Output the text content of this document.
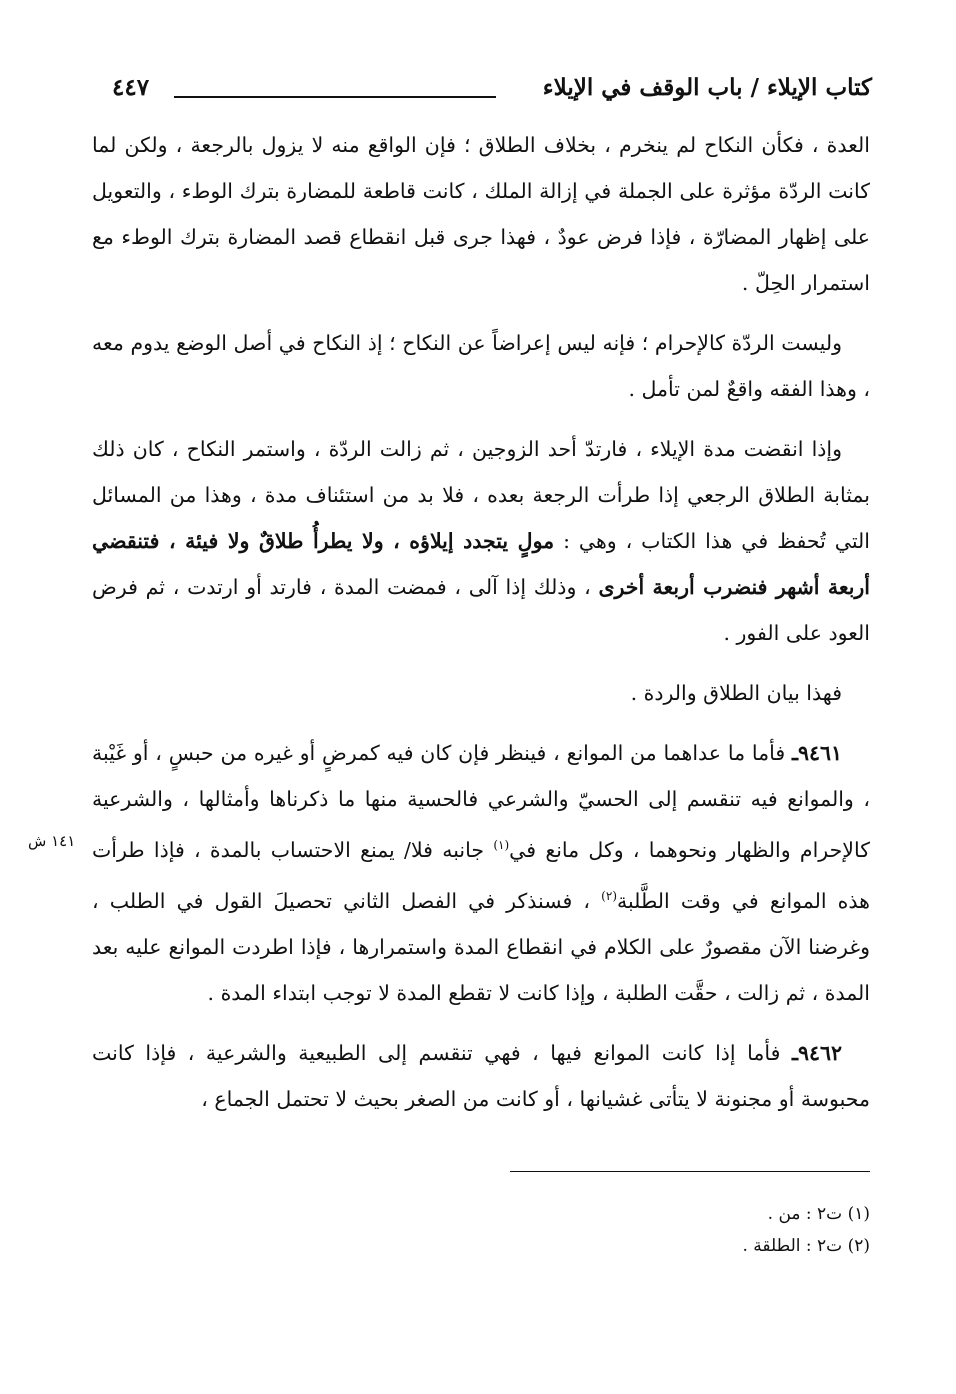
كتاب الإيلاء / باب الوقف في الإيلاء
٤٤٧

العدة ، فكأن النكاح لم ينخرم ، بخلاف الطلاق ؛ فإن الواقع منه لا يزول بالرجعة ، ولكن لما كانت الردّة مؤثرة على الجملة في إزالة الملك ، كانت قاطعة للمضارة بترك الوطء ، والتعويل على إظهار المضارّة ، فإذا فرض عودٌ ، فهذا جرى قبل انقطاع قصد المضارة بترك الوطء مع استمرار الحِلّ .

وليست الردّة كالإحرام ؛ فإنه ليس إعراضاً عن النكاح ؛ إذ النكاح في أصل الوضع يدوم معه ، وهذا الفقه واقعٌ لمن تأمل .

وإذا انقضت مدة الإيلاء ، فارتدّ أحد الزوجين ، ثم زالت الردّة ، واستمر النكاح ، كان ذلك بمثابة الطلاق الرجعي إذا طرأت الرجعة بعده ، فلا بد من استئناف مدة ، وهذا من المسائل التي تُحفظ في هذا الكتاب ، وهي : مولٍ يتجدد إيلاؤه ، ولا يطرأُ طلاقٌ ولا فيئة ، فتنقضي أربعة أشهر فنضرب أربعة أخرى ، وذلك إذا آلى ، فمضت المدة ، فارتد أو ارتدت ، ثم فرض العود على الفور .

فهذا بيان الطلاق والردة .

٩٤٦١ـ فأما ما عداهما من الموانع ، فينظر فإن كان فيه كمرضٍ أو غيره من حبسٍ ، أو غَيْبة ، والموانع فيه تنقسم إلى الحسيّ والشرعي فالحسية منها ما ذكرناها وأمثالها ، والشرعية كالإحرام والظهار ونحوهما ، وكل مانع في$^{(١)}$ جانبه فلا/ يمنع الاحتساب بالمدة ، فإذا طرأت هذه الموانع في وقت الطَّلبة$^{(٢)}$ ، فسنذكر في الفصل الثاني تحصيلَ القول في الطلب ، وغرضنا الآن مقصورٌ على الكلام في انقطاع المدة واستمرارها ، فإذا اطردت الموانع عليه بعد المدة ، ثم زالت ، حقَّت الطلبة ، وإذا كانت لا تقطع المدة لا توجب ابتداء المدة .

٩٤٦٢ـ فأما إذا كانت الموانع فيها ، فهي تنقسم إلى الطبيعية والشرعية ، فإذا كانت محبوسة أو مجنونة لا يتأتى غشيانها ، أو كانت من الصغر بحيث لا تحتمل الجماع ،

١٤١ ش

(١) ت٢ : من .

(٢) ت٢ : الطلقة .
